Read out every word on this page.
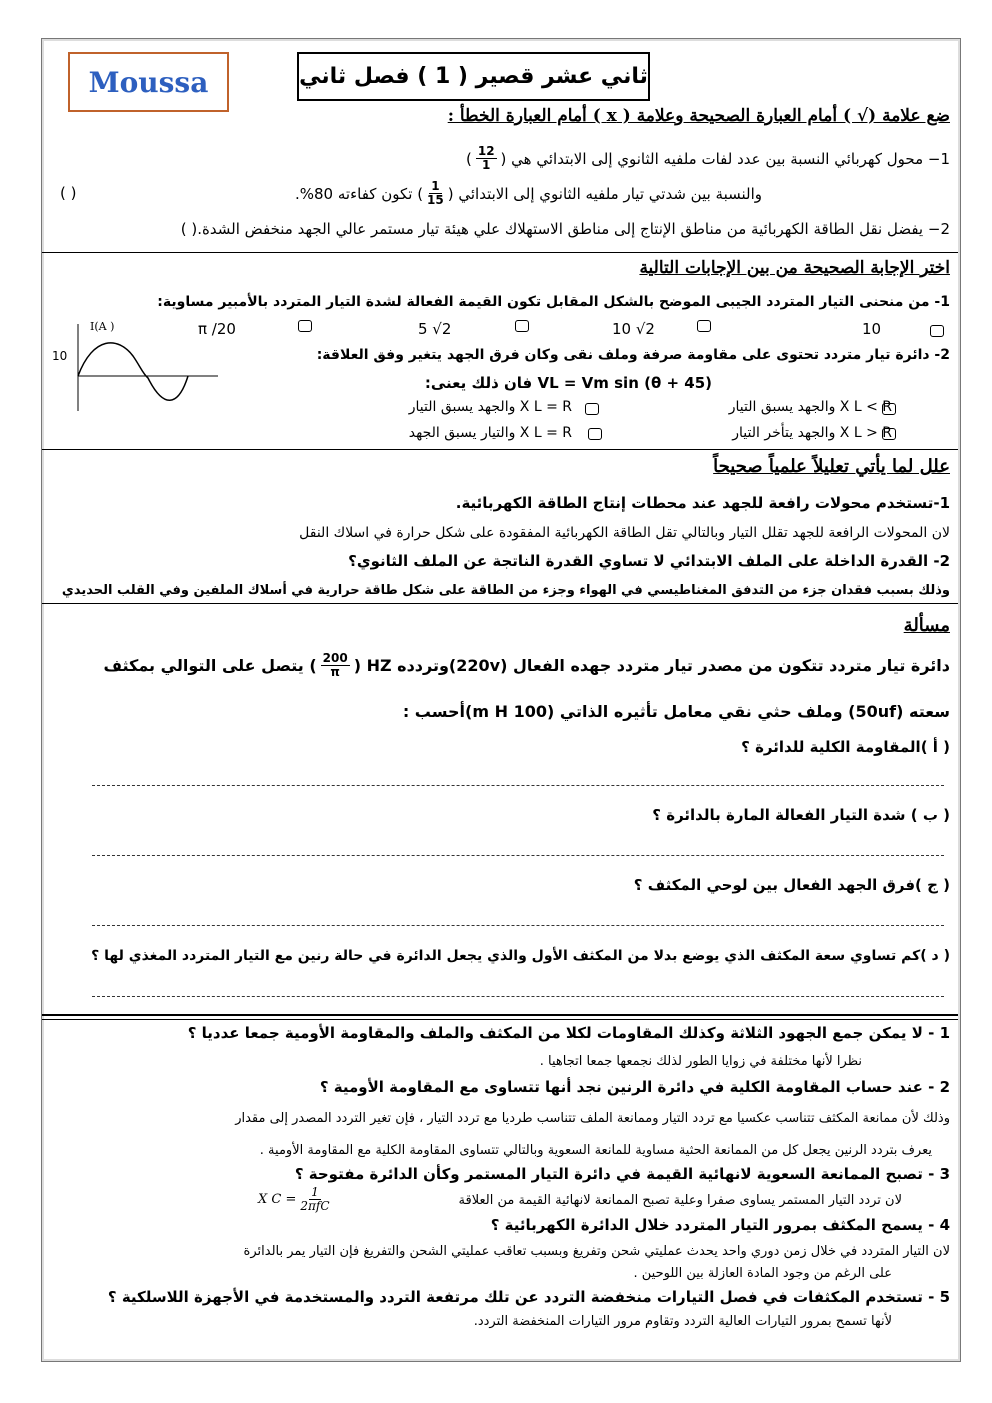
Moussa	ثاني عشر قصير ( 1 ) فصل ثاني
ضع علامة (√ ) أمام العبارة الصحيحة وعلامة ( x ) أمام العبارة الخطأ :
1− محول كهربائي النسبة بين عدد لفات ملفيه الثانوي إلى الابتدائي هي (
$\frac{12}{1}$
)
والنسبة بين شدتي تيار ملفيه الثانوي إلى الابتدائي (
$\frac{1}{15}$
) تكون كفاءته 80%.
( )
2− يفضل نقل الطاقة الكهربائية من مناطق الإنتاج إلى مناطق الاستهلاك علي هيئة تيار مستمر عالي الجهد منخفض الشدة.( )
اختر الإجابة الصحيحة من بين الإجابات التالية
1- من منحنى التيار المتردد الجيبى الموضح بالشكل المقابل تكون القيمة الفعالة لشدة التيار المتردد بالأمبير مساوية:
10
10 √2
5 √2
π /20
I(A )
10	2- دائرة تيار متردد تحتوى على مقاومة صرفة وملف نقى وكان فرق الجهد يتغير وفق العلاقة:
VL = Vm sin (θ + 45) فان ذلك يعنى:
X L < R والجهد يسبق التيار
X L = R والجهد يسبق التيار
X L > R والجهد يتأخر التيار
X L = R والتيار يسبق الجهد
علل لما يأتي تعليلاً علمياً صحيحاً
1-تستخدم محولات رافعة للجهد عند محطات إنتاج الطاقة الكهربائية.
لان المحولات الرافعة للجهد تقلل التيار وبالتالي تقل الطاقة الكهربائية المفقودة على شكل حرارة في اسلاك النقل
2- القدرة الداخلة على الملف الابتدائي لا تساوي القدرة الناتجة عن الملف الثانوي؟
وذلك بسبب فقدان جزء من التدفق المغناطيسي في الهواء وجزء من الطاقة على شكل طاقة حرارية في أسلاك الملفين وفي القلب الحديدي
مسألة
دائرة تيار متردد تتكون من مصدر تيار متردد جهده الفعال (220v)وتردده HZ (
$\frac{200}{\pi}$
) يتصل على التوالي بمكثف
سعته (50uf) وملف حثي نقي معامل تأثيره الذاتي (100 m H)أحسب :
( أ )المقاومة الكلية للدائرة ؟
( ب ) شدة التيار الفعالة المارة بالدائرة ؟
( ج )فرق الجهد الفعال بين لوحي المكثف ؟
( د )كم تساوي سعة المكثف الذي يوضع بدلا من المكثف الأول والذي يجعل الدائرة في حالة رنين مع التيار المتردد المغذي لها ؟
1 - لا يمكن جمع الجهود الثلاثة وكذلك المقاومات لكلا من المكثف والملف والمقاومة الأومية جمعا عدديا ؟
نظرا لأنها مختلفة في زوايا الطور لذلك نجمعها جمعا اتجاهيا .
2 - عند حساب المقاومة الكلية في دائرة الرنين نجد أنها تتساوى مع المقاومة الأومية ؟
وذلك لأن ممانعة المكثف تتناسب عكسيا مع تردد التيار وممانعة الملف تتناسب طرديا مع تردد التيار ، فإن تغير التردد المصدر إلى مقدار
يعرف بتردد الرنين يجعل كل من الممانعة الحثية مساوية للمانعة السعوية وبالتالي تتساوى المقاومة الكلية مع المقاومة الأومية .
3 - تصبح الممانعة السعوية لانهائية القيمة في دائرة التيار المستمر وكأن الدائرة مفتوحة ؟
لان تردد التيار المستمر يساوى صفرا وعلية تصبح الممانعة لانهائية القيمة من العلاقة
X $C = \frac{1}{\text{2πfC}}$
4 - يسمح المكثف بمرور التيار المتردد خلال الدائرة الكهربائية ؟
لان التيار المتردد في خلال زمن دوري واحد يحدث عمليتي شحن وتفريغ وبسبب تعاقب عمليتي الشحن والتفريغ فإن التيار يمر بالدائرة
على الرغم من وجود المادة العازلة بين اللوحين .
5 - تستخدم المكثفات في فصل التيارات منخفضة التردد عن تلك مرتفعة التردد والمستخدمة في الأجهزة اللاسلكية ؟
لأنها تسمح بمرور التيارات العالية التردد وتقاوم مرور التيارات المنخفضة التردد.
